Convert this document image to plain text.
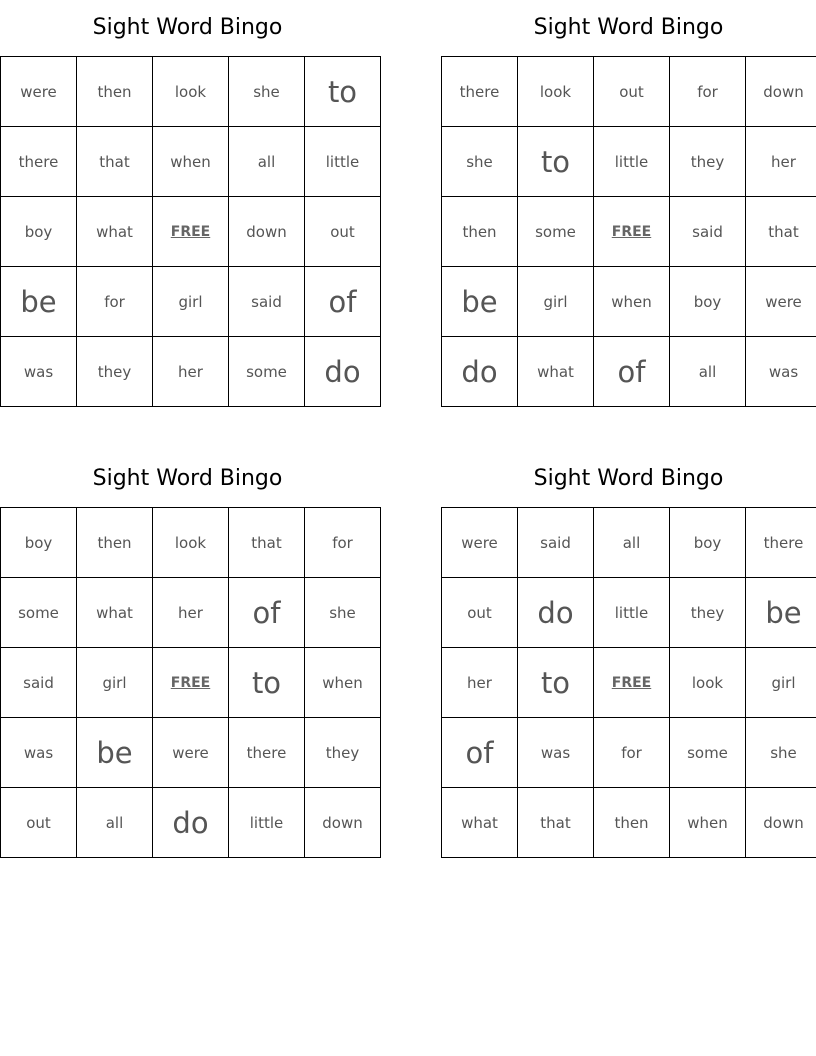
Sight Word Bingo
were	then	look	she	to
there	that	when	all	little
boy	what	FREE	down	out
be	for	girl	said	of
was	they	her	some	do
Sight Word Bingo
there	look	out	for	down
she	to	little	they	her
then	some	FREE	said	that
be	girl	when	boy	were
do	what	of	all	was
Sight Word Bingo
boy	then	look	that	for
some	what	her	of	she
said	girl	FREE	to	when
was	be	were	there	they
out	all	do	little	down
Sight Word Bingo
were	said	all	boy	there
out	do	little	they	be
her	to	FREE	look	girl
of	was	for	some	she
what	that	then	when	down
